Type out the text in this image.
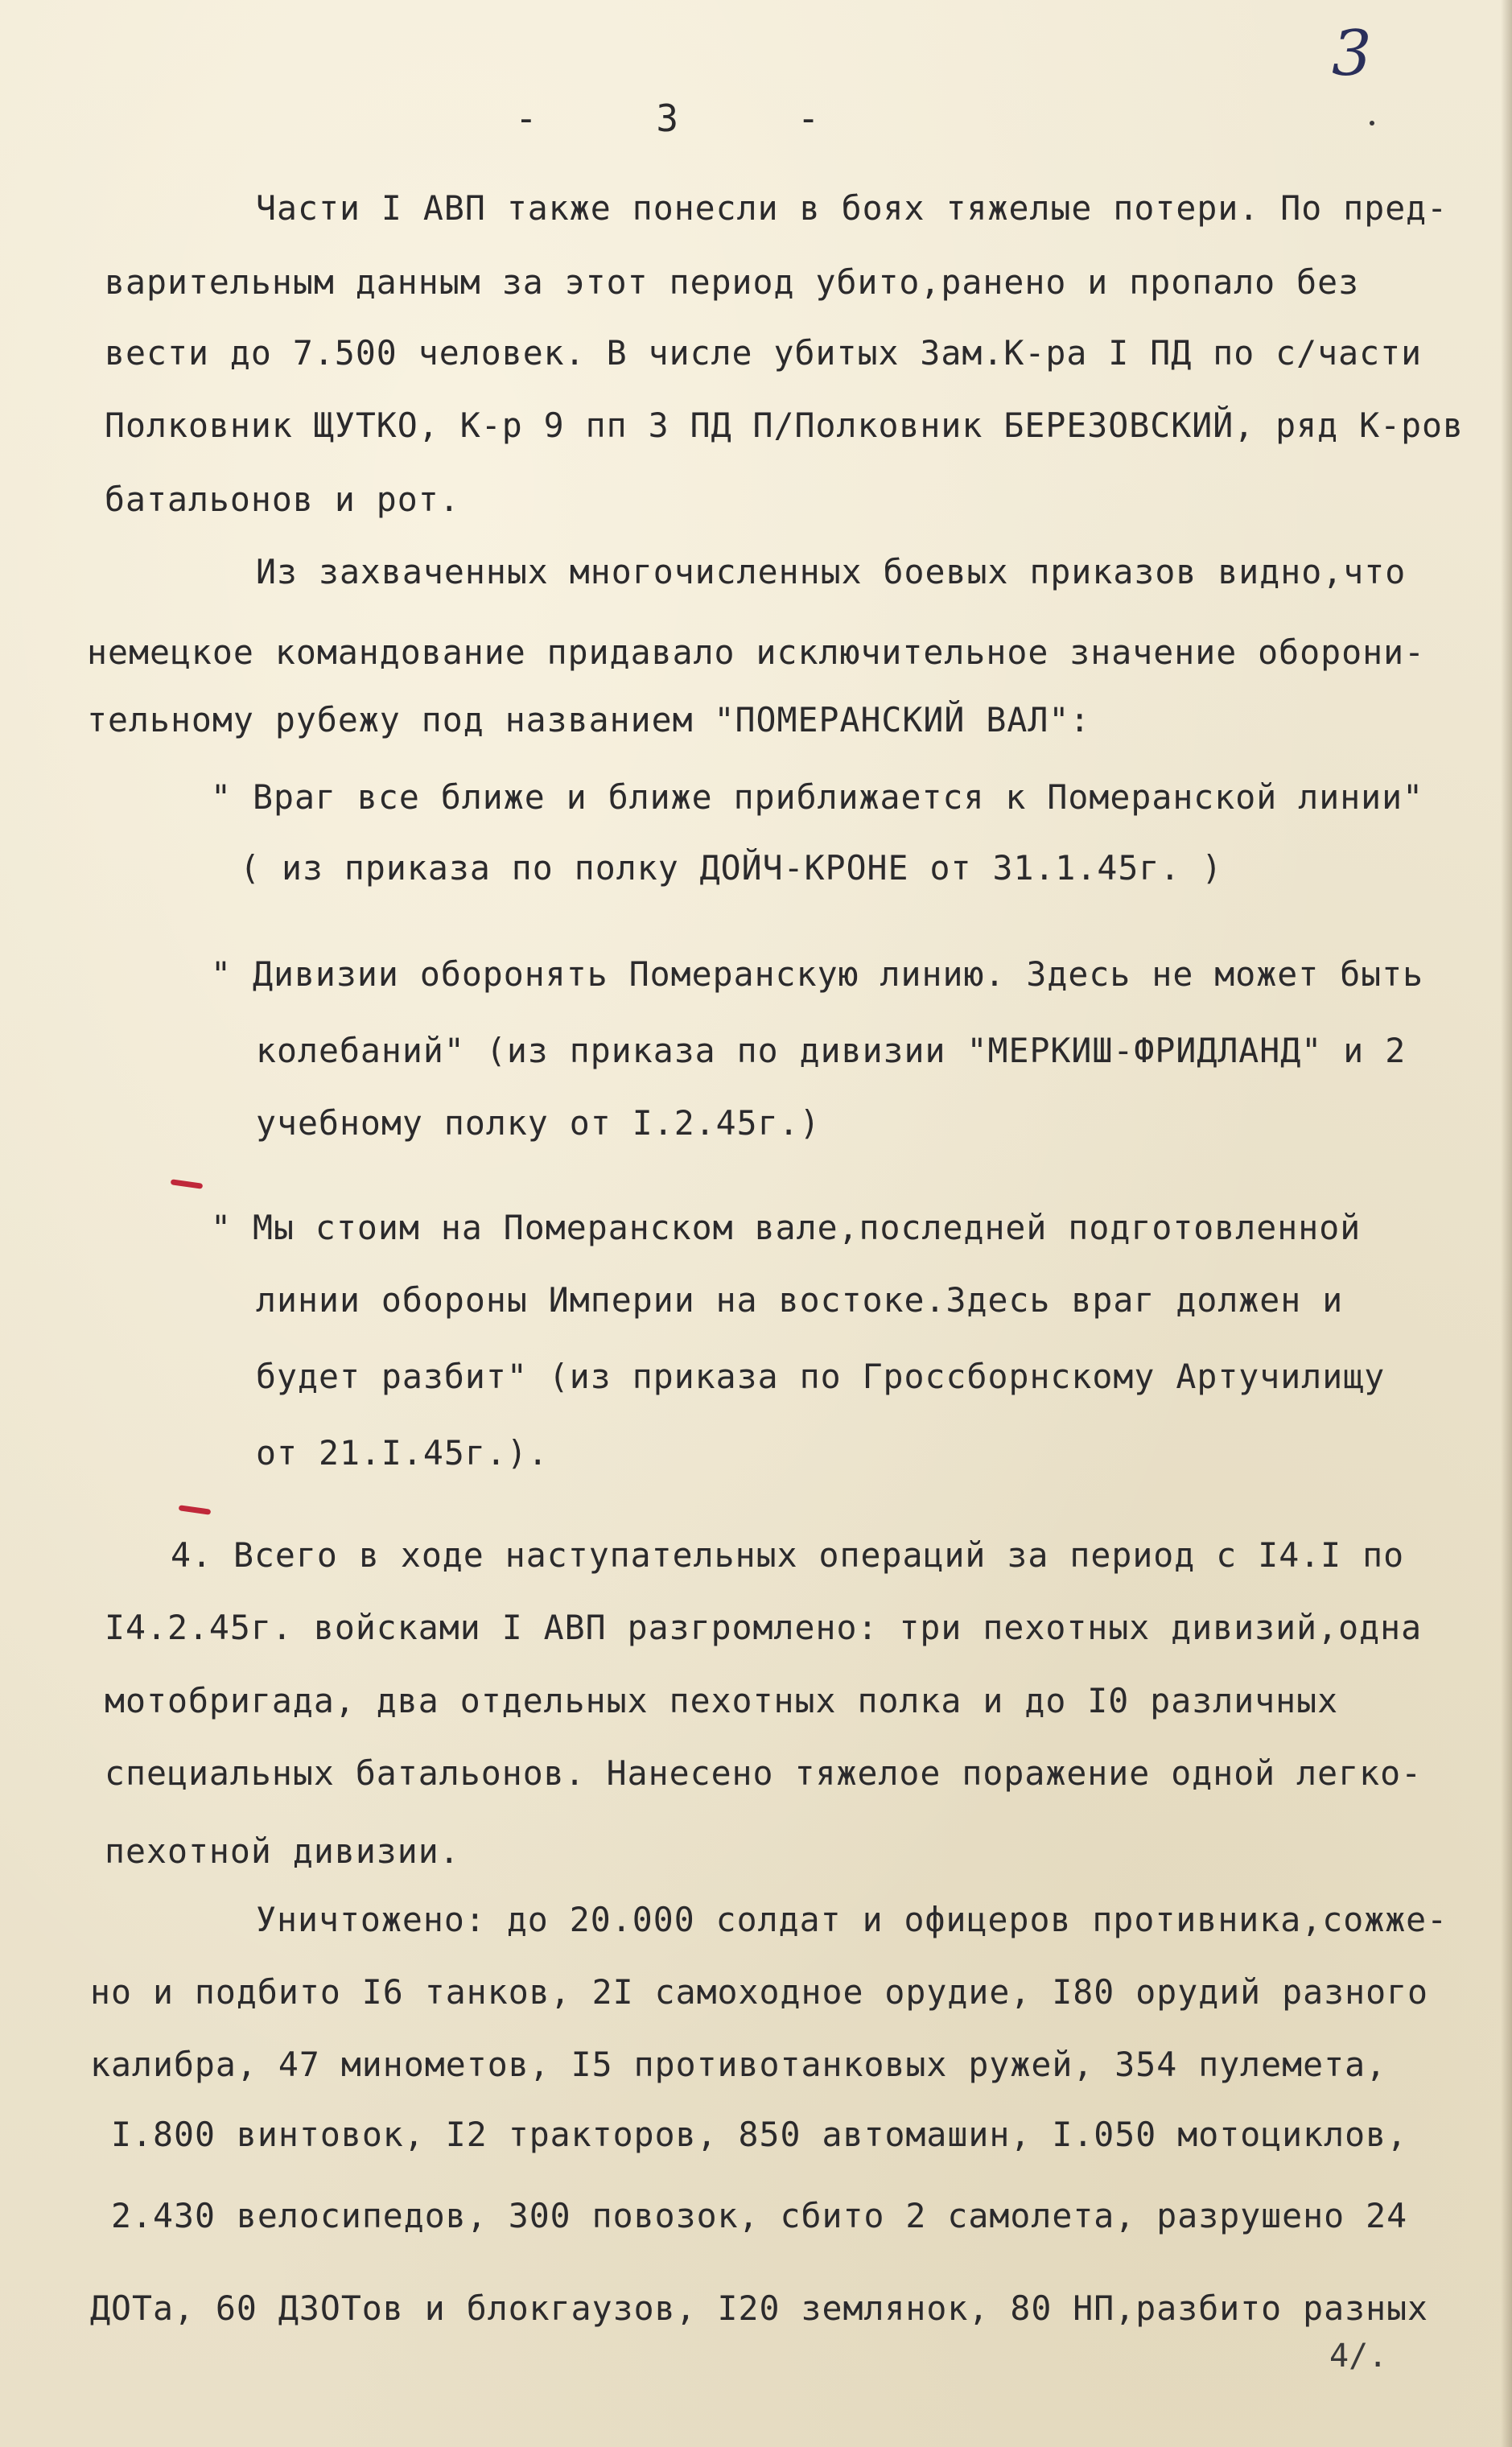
3
- 3 -
Части I АВП также понесли в боях тяжелые потери. По пред-
варительным данным за этот период убито,ранено и пропало без
вести до 7.500 человек. В числе убитых Зам.К-ра I ПД по с/части
Полковник ЩУТКО, К-р 9 пп 3 ПД П/Полковник БЕРЕЗОВСКИЙ, ряд К-ров
батальонов и рот.
Из захваченных многочисленных боевых приказов видно,что
немецкое командование придавало исключительное значение оборони-
тельному рубежу под названием "ПОМЕРАНСКИЙ ВАЛ":
" Враг все ближе и ближе приближается к Померанской линии"
( из приказа по полку ДОЙЧ-КРОНЕ от 31.1.45г. )
" Дивизии оборонять Померанскую линию. Здесь не может быть
колебаний" (из приказа по дивизии "МЕРКИШ-ФРИДЛАНД" и 2
учебному полку от I.2.45г.)
" Мы стоим на Померанском вале,последней подготовленной
линии обороны Империи на востоке.Здесь враг должен и
будет разбит" (из приказа по Гроссборнскому Артучилищу
от 21.I.45г.).
4. Всего в ходе наступательных операций за период с I4.I по
I4.2.45г. войсками I АВП разгромлено: три пехотных дивизий,одна
мотобригада, два отдельных пехотных полка и до I0 различных
специальных батальонов. Нанесено тяжелое поражение одной легко-
пехотной дивизии.
Уничтожено: до 20.000 солдат и офицеров противника,сожже-
но и подбито I6 танков, 2I самоходное орудие, I80 орудий разного
калибра, 47 минометов, I5 противотанковых ружей, 354 пулемета,
I.800 винтовок, I2 тракторов, 850 автомашин, I.050 мотоциклов,
2.430 велосипедов, 300 повозок, сбито 2 самолета, разрушено 24
ДОТа, 60 ДЗОТов и блокгаузов, I20 землянок, 80 НП,разбито разных
4/.
